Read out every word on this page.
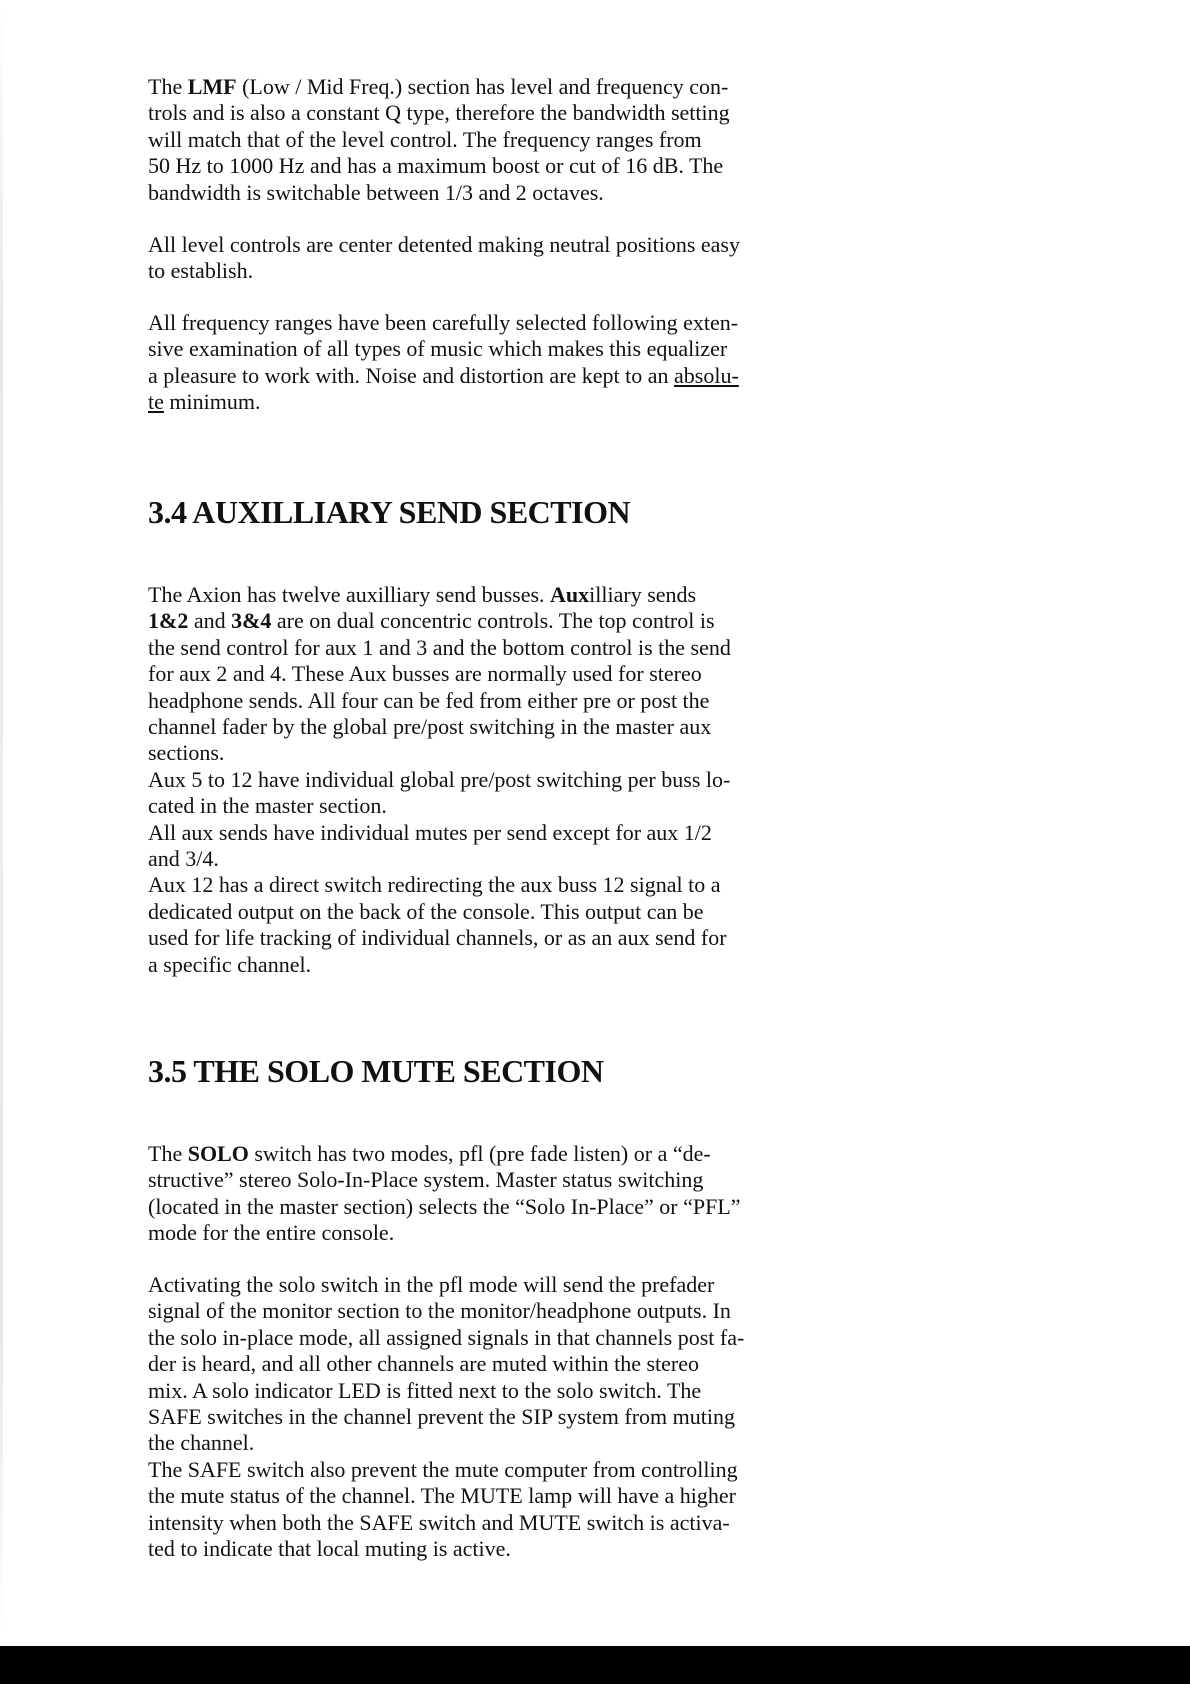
The LMF (Low / Mid Freq.) section has level and frequency con-
trols and is also a constant Q type, therefore the bandwidth setting
will match that of the level control. The frequency ranges from
50 Hz to 1000 Hz and has a maximum boost or cut of 16 dB. The
bandwidth is switchable between 1/3 and 2 octaves.

All level controls are center detented making neutral positions easy
to establish.

All frequency ranges have been carefully selected following exten-
sive examination of all types of music which makes this equalizer
a pleasure to work with. Noise and distortion are kept to an absolu-
te minimum.

3.4 AUXILLIARY SEND SECTION

The Axion has twelve auxilliary send busses. Auxilliary sends
1&2 and 3&4 are on dual concentric controls. The top control is
the send control for aux 1 and 3 and the bottom control is the send
for aux 2 and 4. These Aux busses are normally used for stereo
headphone sends. All four can be fed from either pre or post the
channel fader by the global pre/post switching in the master aux
sections.
Aux 5 to 12 have individual global pre/post switching per buss lo-
cated in the master section.
All aux sends have individual mutes per send except for aux 1/2
and 3/4.
Aux 12 has a direct switch redirecting the aux buss 12 signal to a
dedicated output on the back of the console. This output can be
used for life tracking of individual channels, or as an aux send for
a specific channel.

3.5 THE SOLO MUTE SECTION

The SOLO switch has two modes, pfl (pre fade listen) or a “de-
structive” stereo Solo-In-Place system. Master status switching
(located in the master section) selects the “Solo In-Place” or “PFL”
mode for the entire console.

Activating the solo switch in the pfl mode will send the prefader
signal of the monitor section to the monitor/headphone outputs. In
the solo in-place mode, all assigned signals in that channels post fa-
der is heard, and all other channels are muted within the stereo
mix. A solo indicator LED is fitted next to the solo switch. The
SAFE switches in the channel prevent the SIP system from muting
the channel.
The SAFE switch also prevent the mute computer from controlling
the mute status of the channel. The MUTE lamp will have a higher
intensity when both the SAFE switch and MUTE switch is activa-
ted to indicate that local muting is active.
